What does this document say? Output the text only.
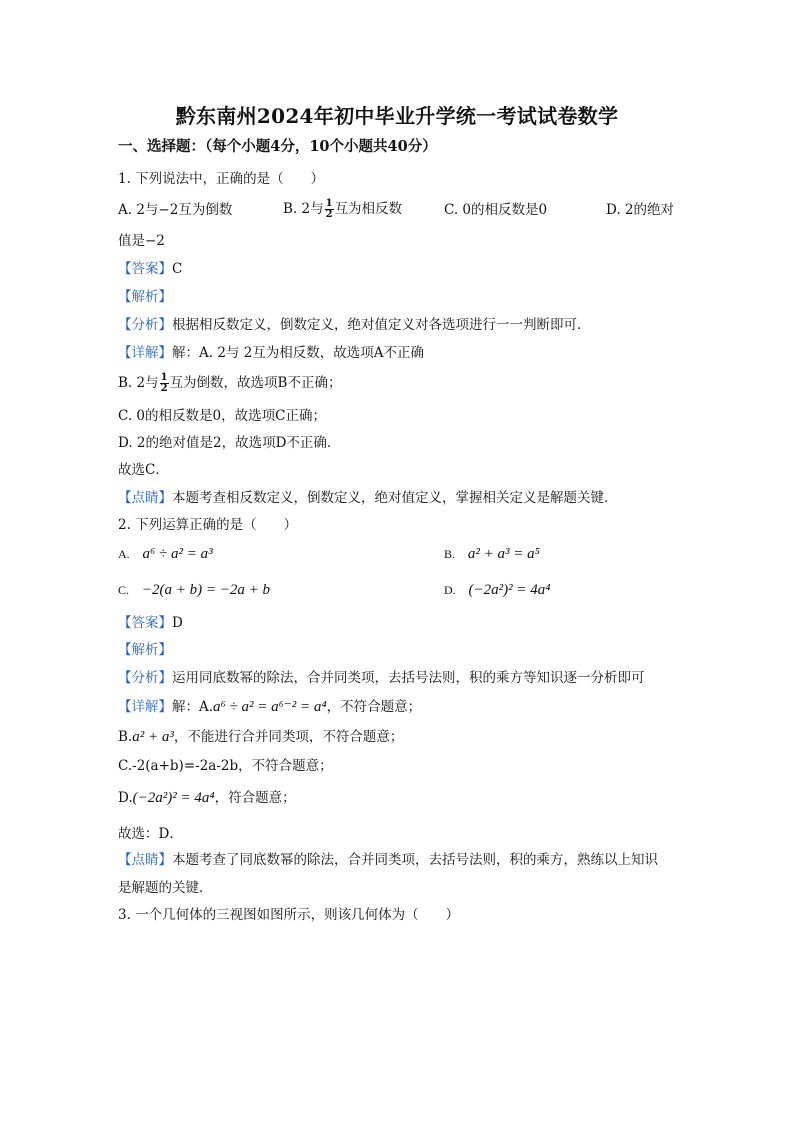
黔东南州2024年初中毕业升学统一考试试卷数学
一、选择题：（每个小题4分，10个小题共40分）
1. 下列说法中，正确的是（　　）
A. 2与−2互为倒数	B. 2与 $\frac{1}{2}$ 互为相反数	C. 0的相反数是0	D. 2的绝对
值是−2
【答案】C
【解析】
【分析】根据相反数定义，倒数定义，绝对值定义对各选项进行一一判断即可．
【详解】解：A. 2与 2互为相反数，故选项A不正确
B. 2与 $\frac{1}{2}$ 互为倒数，故选项B不正确；
C. 0的相反数是0，故选项C正确；
D. 2的绝对值是2，故选项D不正确．
故选C．
【点睛】本题考查相反数定义，倒数定义，绝对值定义，掌握相关定义是解题关键．
2. 下列运算正确的是（　　）
A. a⁶ ÷ a² = a³	B. a² + a³ = a⁵
C. −2(a + b) = −2a + b	D. (−2a²)² = 4a⁴
【答案】D
【解析】
【分析】运用同底数幂的除法，合并同类项，去括号法则，积的乘方等知识逐一分析即可
【详解】解：A.a⁶ ÷ a² = a⁶⁻² = a⁴，不符合题意；
B.a² + a³，不能进行合并同类项，不符合题意；
C.-2(a+b)=-2a-2b，不符合题意；
D.(−2a²)² = 4a⁴，符合题意；
故选：D．
【点睛】本题考查了同底数幂的除法，合并同类项，去括号法则，积的乘方，熟练以上知识
是解题的关键．
3. 一个几何体的三视图如图所示，则该几何体为（　　）
